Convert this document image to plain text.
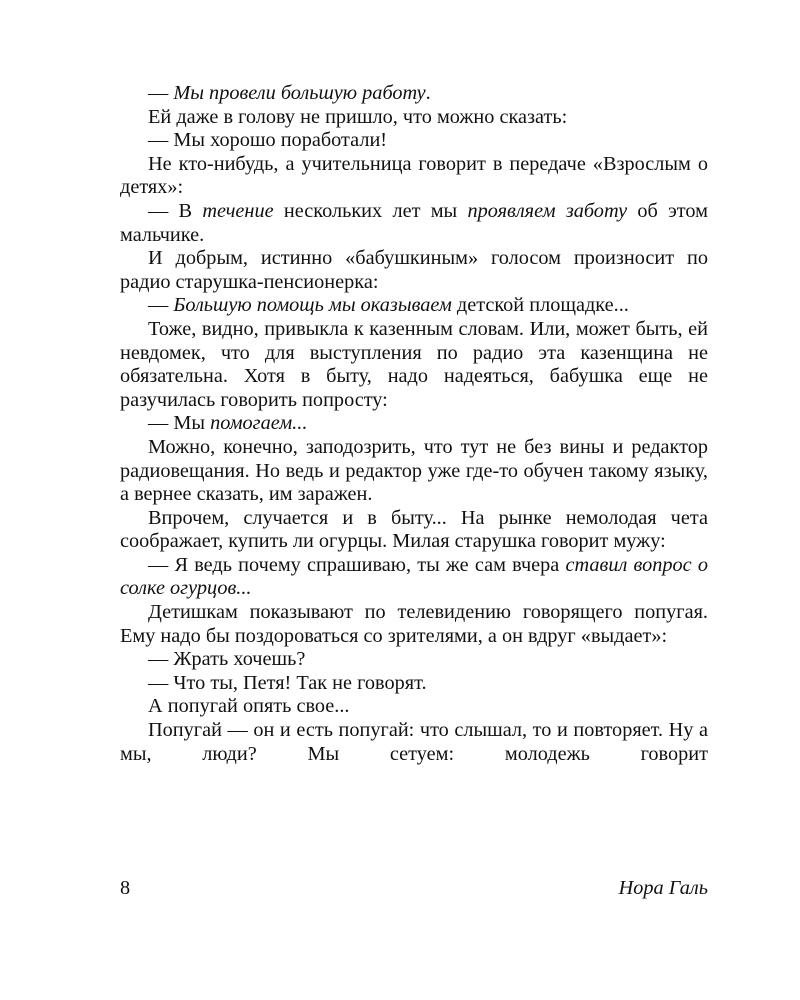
— Мы провели большую работу.

Ей даже в голову не пришло, что можно сказать:

— Мы хорошо поработали!

Не кто-нибудь, а учительница говорит в передаче «Взрослым о детях»:

— В течение нескольких лет мы проявляем заботу об этом мальчике.

И добрым, истинно «бабушкиным» голосом произносит по радио старушка-пенсионерка:

— Большую помощь мы оказываем детской площадке...

Тоже, видно, привыкла к казенным словам. Или, может быть, ей невдомек, что для выступления по радио эта казенщина не обязательна. Хотя в быту, надо надеяться, бабушка еще не разучилась говорить попросту:

— Мы помогаем...

Можно, конечно, заподозрить, что тут не без вины и редактор радиовещания. Но ведь и редактор уже где-то обучен такому языку, а вернее сказать, им заражен.

Впрочем, случается и в быту... На рынке немолодая чета соображает, купить ли огурцы. Милая старушка говорит мужу:

— Я ведь почему спрашиваю, ты же сам вчера ставил вопрос о солке огурцов...

Детишкам показывают по телевидению говорящего попугая. Ему надо бы поздороваться со зрителями, а он вдруг «выдает»:

— Жрать хочешь?

— Что ты, Петя! Так не говорят.

А попугай опять свое...

Попугай — он и есть попугай: что слышал, то и повторяет. Ну а мы, люди? Мы сетуем: молодежь говорит

8	Нора Галь
